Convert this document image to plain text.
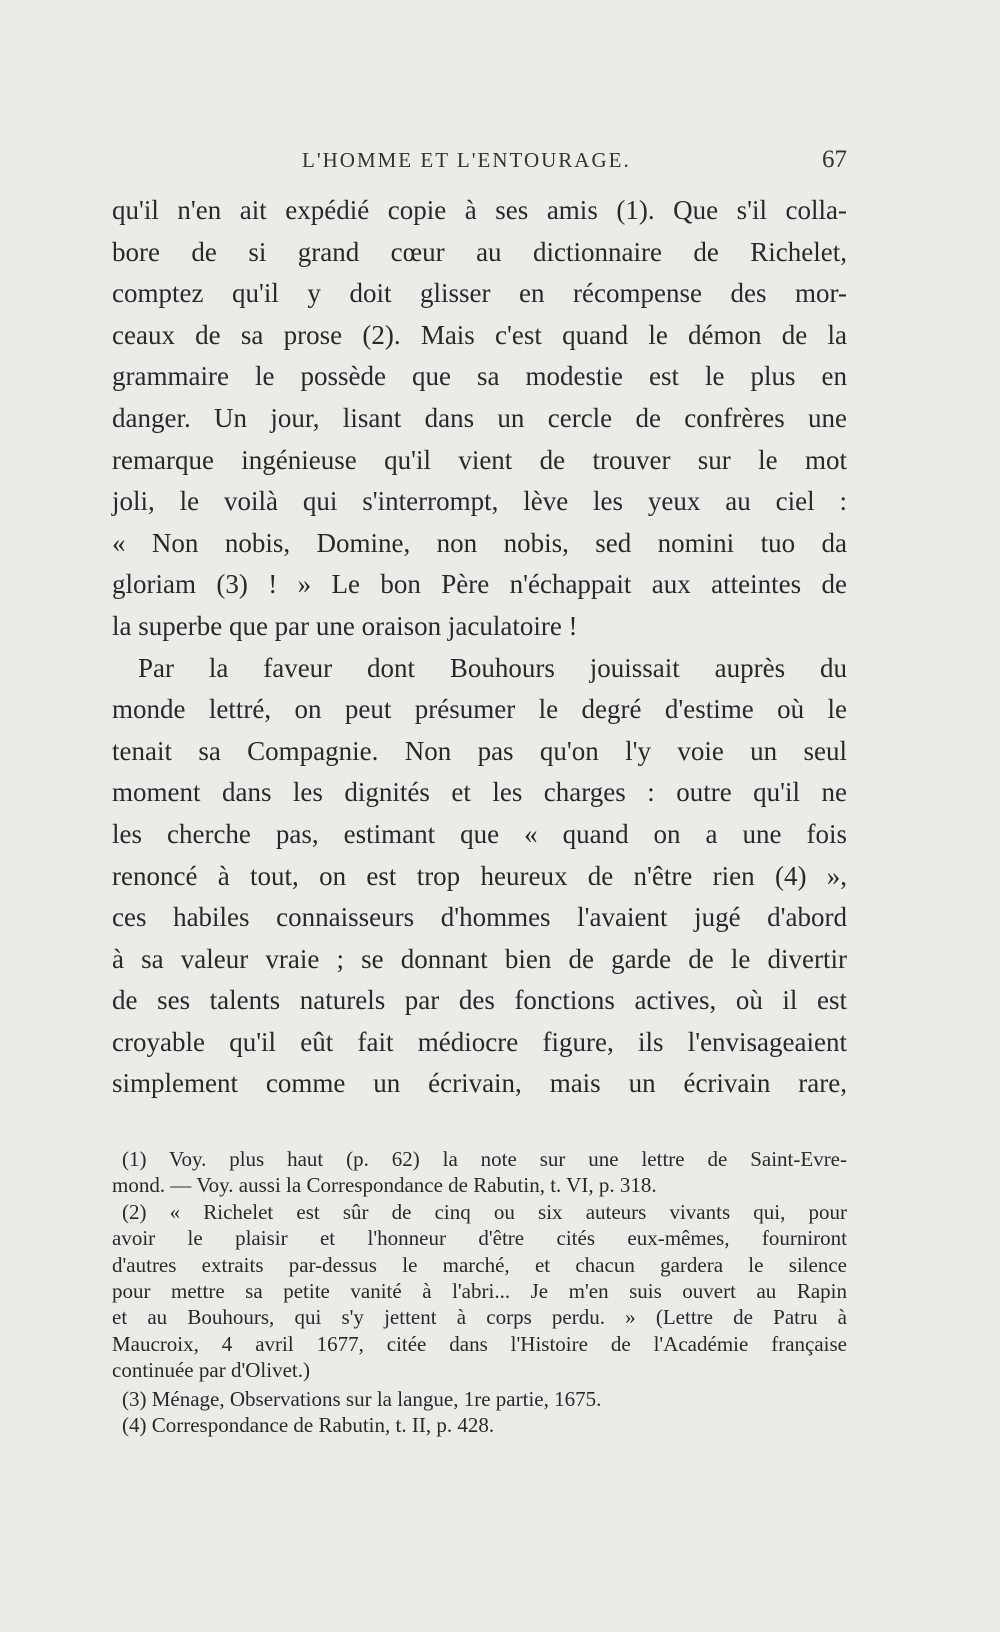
L'HOMME ET L'ENTOURAGE.	67
qu'il n'en ait expédié copie à ses amis (1). Que s'il colla-
bore de si grand cœur au dictionnaire de Richelet,
comptez qu'il y doit glisser en récompense des mor-
ceaux de sa prose (2). Mais c'est quand le démon de la
grammaire le possède que sa modestie est le plus en
danger. Un jour, lisant dans un cercle de confrères une
remarque ingénieuse qu'il vient de trouver sur le mot
joli, le voilà qui s'interrompt, lève les yeux au ciel :
« Non nobis, Domine, non nobis, sed nomini tuo da
gloriam (3) ! » Le bon Père n'échappait aux atteintes de
la superbe que par une oraison jaculatoire !
Par la faveur dont Bouhours jouissait auprès du
monde lettré, on peut présumer le degré d'estime où le
tenait sa Compagnie. Non pas qu'on l'y voie un seul
moment dans les dignités et les charges : outre qu'il ne
les cherche pas, estimant que « quand on a une fois
renoncé à tout, on est trop heureux de n'être rien (4) »,
ces habiles connaisseurs d'hommes l'avaient jugé d'abord
à sa valeur vraie ; se donnant bien de garde de le divertir
de ses talents naturels par des fonctions actives, où il est
croyable qu'il eût fait médiocre figure, ils l'envisageaient
simplement comme un écrivain, mais un écrivain rare,
(1) Voy. plus haut (p. 62) la note sur une lettre de Saint-Evre-
mond. — Voy. aussi la Correspondance de Rabutin, t. VI, p. 318.
(2) « Richelet est sûr de cinq ou six auteurs vivants qui, pour
avoir le plaisir et l'honneur d'être cités eux-mêmes, fourniront
d'autres extraits par-dessus le marché, et chacun gardera le silence
pour mettre sa petite vanité à l'abri... Je m'en suis ouvert au Rapin
et au Bouhours, qui s'y jettent à corps perdu. » (Lettre de Patru à
Maucroix, 4 avril 1677, citée dans l'Histoire de l'Académie française
continuée par d'Olivet.)
(3) Ménage, Observations sur la langue, 1re partie, 1675.
(4) Correspondance de Rabutin, t. II, p. 428.
